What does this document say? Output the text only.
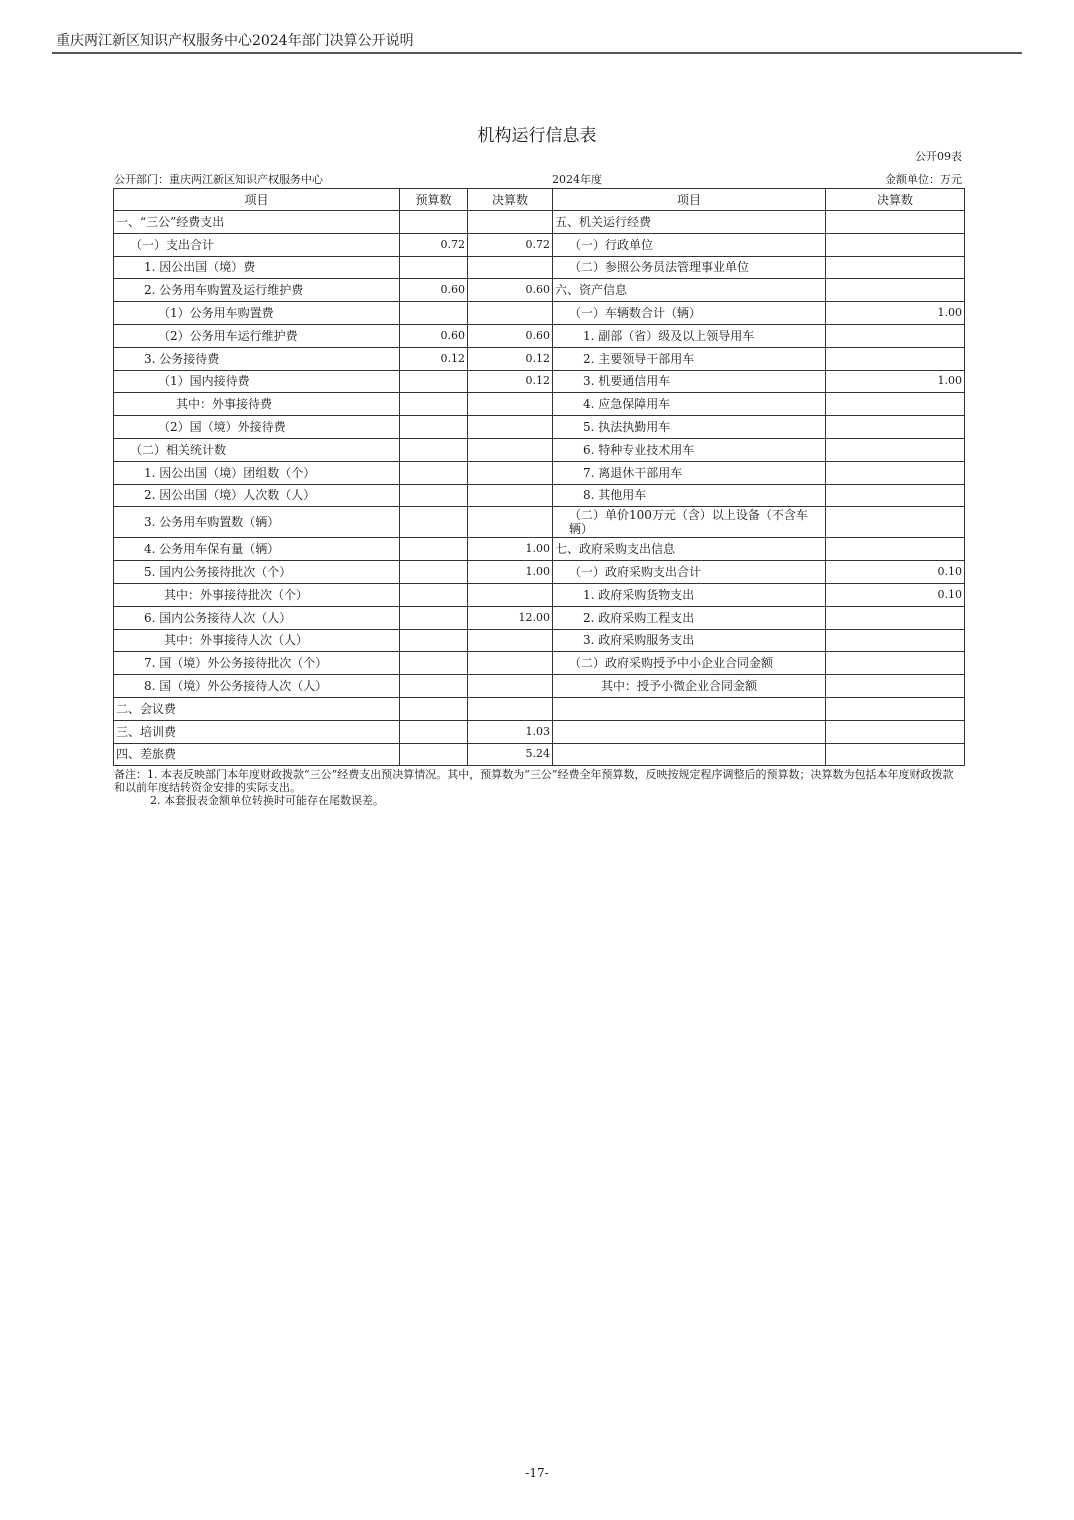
重庆两江新区知识产权服务中心2024年部门决算公开说明
机构运行信息表
公开09表
公开部门：重庆两江新区知识产权服务中心	2024年度	金额单位：万元
项目	预算数	决算数	项目	决算数
一、“三公”经费支出			五、机关运行经费	
（一）支出合计	0.72	0.72	（一）行政单位	
1. 因公出国（境）费			（二）参照公务员法管理事业单位	
2. 公务用车购置及运行维护费	0.60	0.60	六、资产信息	
（1）公务用车购置费			（一）车辆数合计（辆）	1.00
（2）公务用车运行维护费	0.60	0.60	1. 副部（省）级及以上领导用车	
3. 公务接待费	0.12	0.12	2. 主要领导干部用车	
（1）国内接待费		0.12	3. 机要通信用车	1.00
其中：外事接待费			4. 应急保障用车	
（2）国（境）外接待费			5. 执法执勤用车	
（二）相关统计数			6. 特种专业技术用车	
1. 因公出国（境）团组数（个）			7. 离退休干部用车	
2. 因公出国（境）人次数（人）			8. 其他用车	
3. 公务用车购置数（辆）			（二）单价100万元（含）以上设备（不含车辆）	
4. 公务用车保有量（辆）		1.00	七、政府采购支出信息	
5. 国内公务接待批次（个）		1.00	（一）政府采购支出合计	0.10
其中：外事接待批次（个）			1. 政府采购货物支出	0.10
6. 国内公务接待人次（人）		12.00	2. 政府采购工程支出	
其中：外事接待人次（人）			3. 政府采购服务支出	
7. 国（境）外公务接待批次（个）			（二）政府采购授予中小企业合同金额	
8. 国（境）外公务接待人次（人）			其中：授予小微企业合同金额	
二、会议费				
三、培训费		1.03		
四、差旅费		5.24		

备注：1. 本表反映部门本年度财政拨款“三公”经费支出预决算情况。其中，预算数为“三公”经费全年预算数，反映按规定程序调整后的预算数；决算数为包括本年度财政拨款和以前年度结转资金安排的实际支出。

2. 本套报表金额单位转换时可能存在尾数误差。

-17-
